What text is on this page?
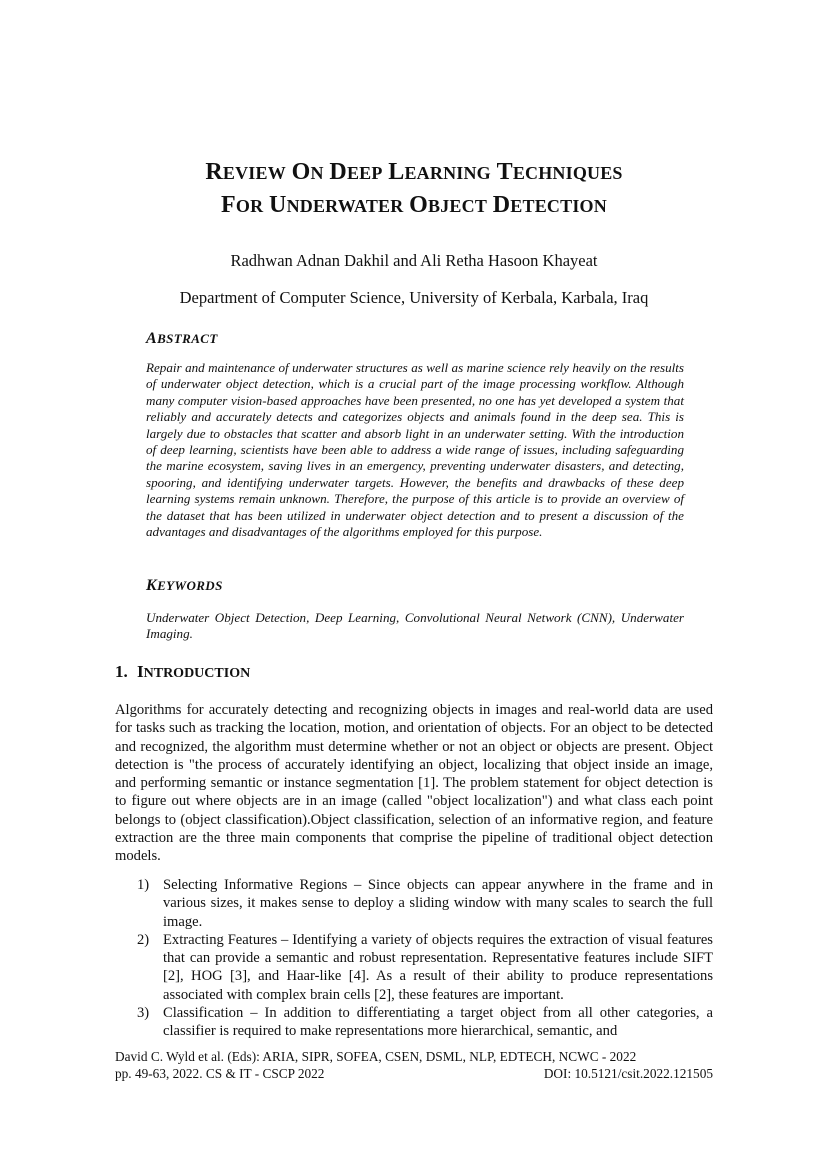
REVIEW ON DEEP LEARNING TECHNIQUES
FOR UNDERWATER OBJECT DETECTION
Radhwan Adnan Dakhil and Ali Retha Hasoon Khayeat
Department of Computer Science, University of Kerbala, Karbala, Iraq
ABSTRACT

Repair and maintenance of underwater structures as well as marine science rely heavily on the results of underwater object detection, which is a crucial part of the image processing workflow. Although many computer vision-based approaches have been presented, no one has yet developed a system that reliably and accurately detects and categorizes objects and animals found in the deep sea. This is largely due to obstacles that scatter and absorb light in an underwater setting. With the introduction of deep learning, scientists have been able to address a wide range of issues, including safeguarding the marine ecosystem, saving lives in an emergency, preventing underwater disasters, and detecting, spooring, and identifying underwater targets. However, the benefits and drawbacks of these deep learning systems remain unknown. Therefore, the purpose of this article is to provide an overview of the dataset that has been utilized in underwater object detection and to present a discussion of the advantages and disadvantages of the algorithms employed for this purpose.

KEYWORDS

Underwater Object Detection, Deep Learning, Convolutional Neural Network (CNN), Underwater Imaging.

1. INTRODUCTION

Algorithms for accurately detecting and recognizing objects in images and real-world data are used for tasks such as tracking the location, motion, and orientation of objects. For an object to be detected and recognized, the algorithm must determine whether or not an object or objects are present. Object detection is "the process of accurately identifying an object, localizing that object inside an image, and performing semantic or instance segmentation [1]. The problem statement for object detection is to figure out where objects are in an image (called "object localization") and what class each point belongs to (object classification).Object classification, selection of an informative region, and feature extraction are the three main components that comprise the pipeline of traditional object detection models.

1) Selecting Informative Regions – Since objects can appear anywhere in the frame and in various sizes, it makes sense to deploy a sliding window with many scales to search the full image.
2) Extracting Features – Identifying a variety of objects requires the extraction of visual features that can provide a semantic and robust representation. Representative features include SIFT [2], HOG [3], and Haar-like [4]. As a result of their ability to produce representations associated with complex brain cells [2], these features are important.
3) Classification – In addition to differentiating a target object from all other categories, a classifier is required to make representations more hierarchical, semantic, and
David C. Wyld et al. (Eds): ARIA, SIPR, SOFEA, CSEN, DSML, NLP, EDTECH, NCWC - 2022
pp. 49-63, 2022. CS & IT - CSCP 2022	DOI: 10.5121/csit.2022.121505
